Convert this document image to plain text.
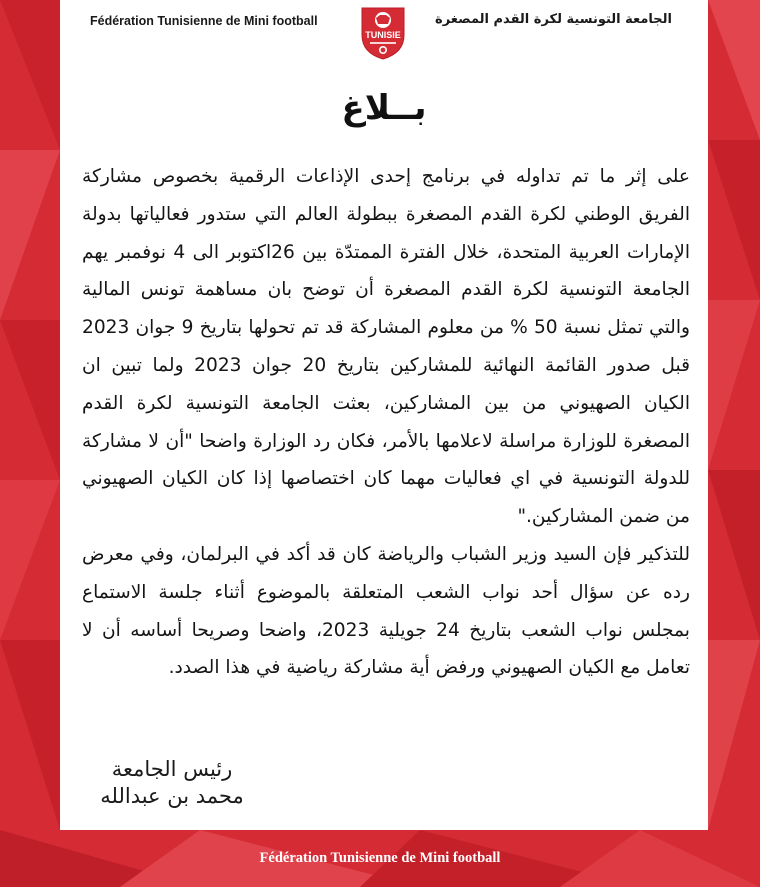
Fédération Tunisienne de Mini football
TUNISIE
الجامعة التونسية لكرة القدم المصغرة
بــلاغ

على إثر ما تم تداوله في برنامج إحدى الإذاعات الرقمية بخصوص مشاركة الفريق الوطني لكرة القدم المصغرة ببطولة العالم التي ستدور فعالياتها بدولة الإمارات العربية المتحدة، خلال الفترة الممتدّة بين 26اكتوبر الى 4 نوفمبر يهم الجامعة التونسية لكرة القدم المصغرة أن توضح بان مساهمة تونس المالية والتي تمثل نسبة 50 % من معلوم المشاركة قد تم تحولها بتاريخ 9 جوان 2023 قبل صدور القائمة النهائية للمشاركين بتاريخ 20 جوان 2023 ولما تبين ان الكيان الصهيوني من بين المشاركين، بعثت الجامعة التونسية لكرة القدم المصغرة للوزارة مراسلة لاعلامها بالأمر، فكان رد الوزارة واضحا "أن لا مشاركة للدولة التونسية في اي فعاليات مهما كان اختصاصها إذا كان الكيان الصهيوني من ضمن المشاركين."

للتذكير فإن السيد وزير الشباب والرياضة كان قد أكد في البرلمان، وفي معرض رده عن سؤال أحد نواب الشعب المتعلقة بالموضوع أثناء جلسة الاستماع بمجلس نواب الشعب بتاريخ 24 جويلية 2023، واضحا وصريحا أساسه أن لا تعامل مع الكيان الصهيوني ورفض أية مشاركة رياضية في هذا الصدد.

رئيس الجامعة
محمد بن عبدالله
Fédération Tunisienne de Mini football
